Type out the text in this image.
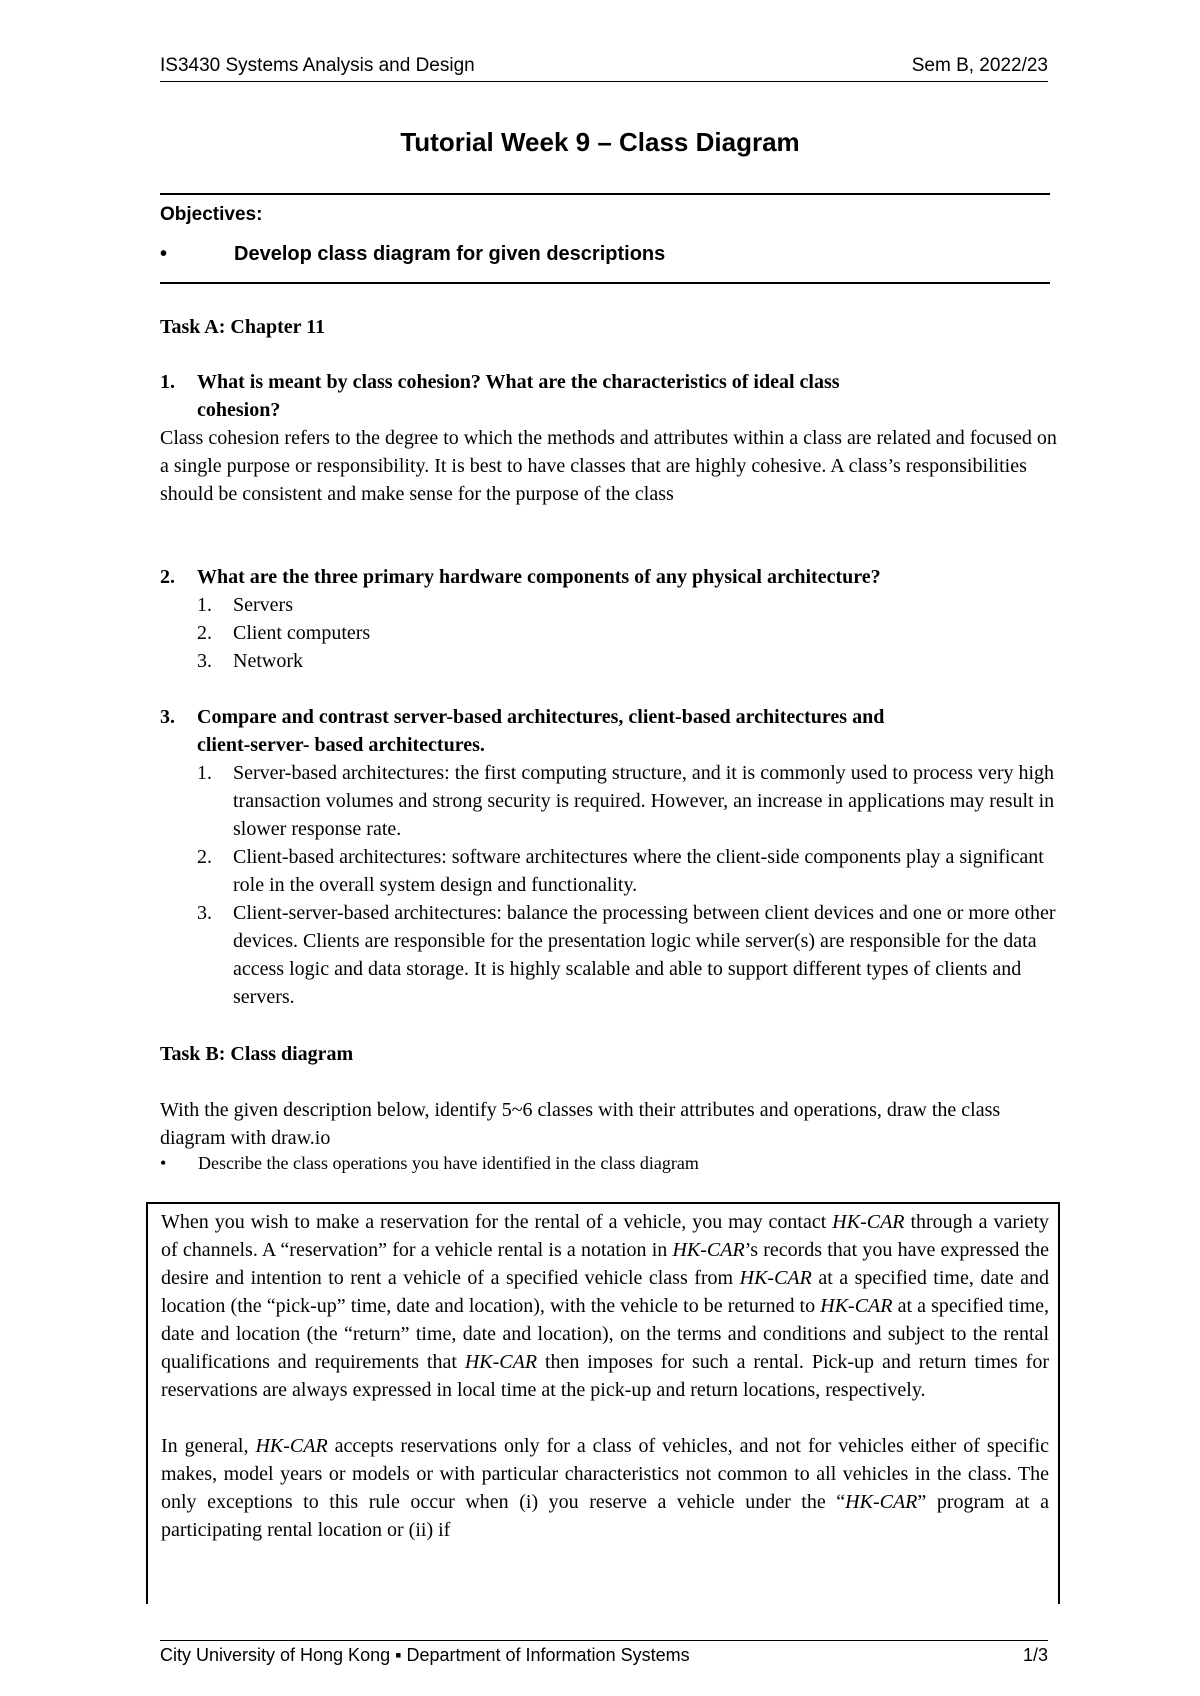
IS3430 Systems Analysis and Design	Sem B, 2022/23
Tutorial Week 9 – Class Diagram
Objectives:
•	Develop class diagram for given descriptions
Task A: Chapter 11
1. What is meant by class cohesion? What are the characteristics of ideal class
cohesion?

Class cohesion refers to the degree to which the methods and attributes within a class are related and focused on a single purpose or responsibility. It is best to have classes that are highly cohesive. A class’s responsibilities should be consistent and make sense for the purpose of the class

2. What are the three primary hardware components of any physical architecture?
1. Servers
2. Client computers
3. Network
3. Compare and contrast server-based architectures, client-based architectures and
client-server- based architectures.
1. Server-based architectures: the first computing structure, and it is commonly used to process very high transaction volumes and strong security is required. However, an increase in applications may result in slower response rate.
2. Client-based architectures: software architectures where the client-side components play a significant role in the overall system design and functionality.
3. Client-server-based architectures: balance the processing between client devices and one or more other devices. Clients are responsible for the presentation logic while server(s) are responsible for the data access logic and data storage. It is highly scalable and able to support different types of clients and servers.
Task B: Class diagram
With the given description below, identify 5~6 classes with their attributes and operations, draw the class diagram with draw.io
• Describe the class operations you have identified in the class diagram

When you wish to make a reservation for the rental of a vehicle, you may contact HK-CAR through a variety of channels. A “reservation” for a vehicle rental is a notation in HK-CAR’s records that you have expressed the desire and intention to rent a vehicle of a specified vehicle class from HK-CAR at a specified time, date and location (the “pick-up” time, date and location), with the vehicle to be returned to HK-CAR at a specified time, date and location (the “return” time, date and location), on the terms and conditions and subject to the rental qualifications and requirements that HK-CAR then imposes for such a rental. Pick-up and return times for reservations are always expressed in local time at the pick-up and return locations, respectively.

In general, HK-CAR accepts reservations only for a class of vehicles, and not for vehicles either of specific makes, model years or models or with particular characteristics not common to all vehicles in the class. The only exceptions to this rule occur when (i) you reserve a vehicle under the “HK-CAR” program at a participating rental location or (ii) if

City University of Hong Kong ▪ Department of Information Systems	1/3
